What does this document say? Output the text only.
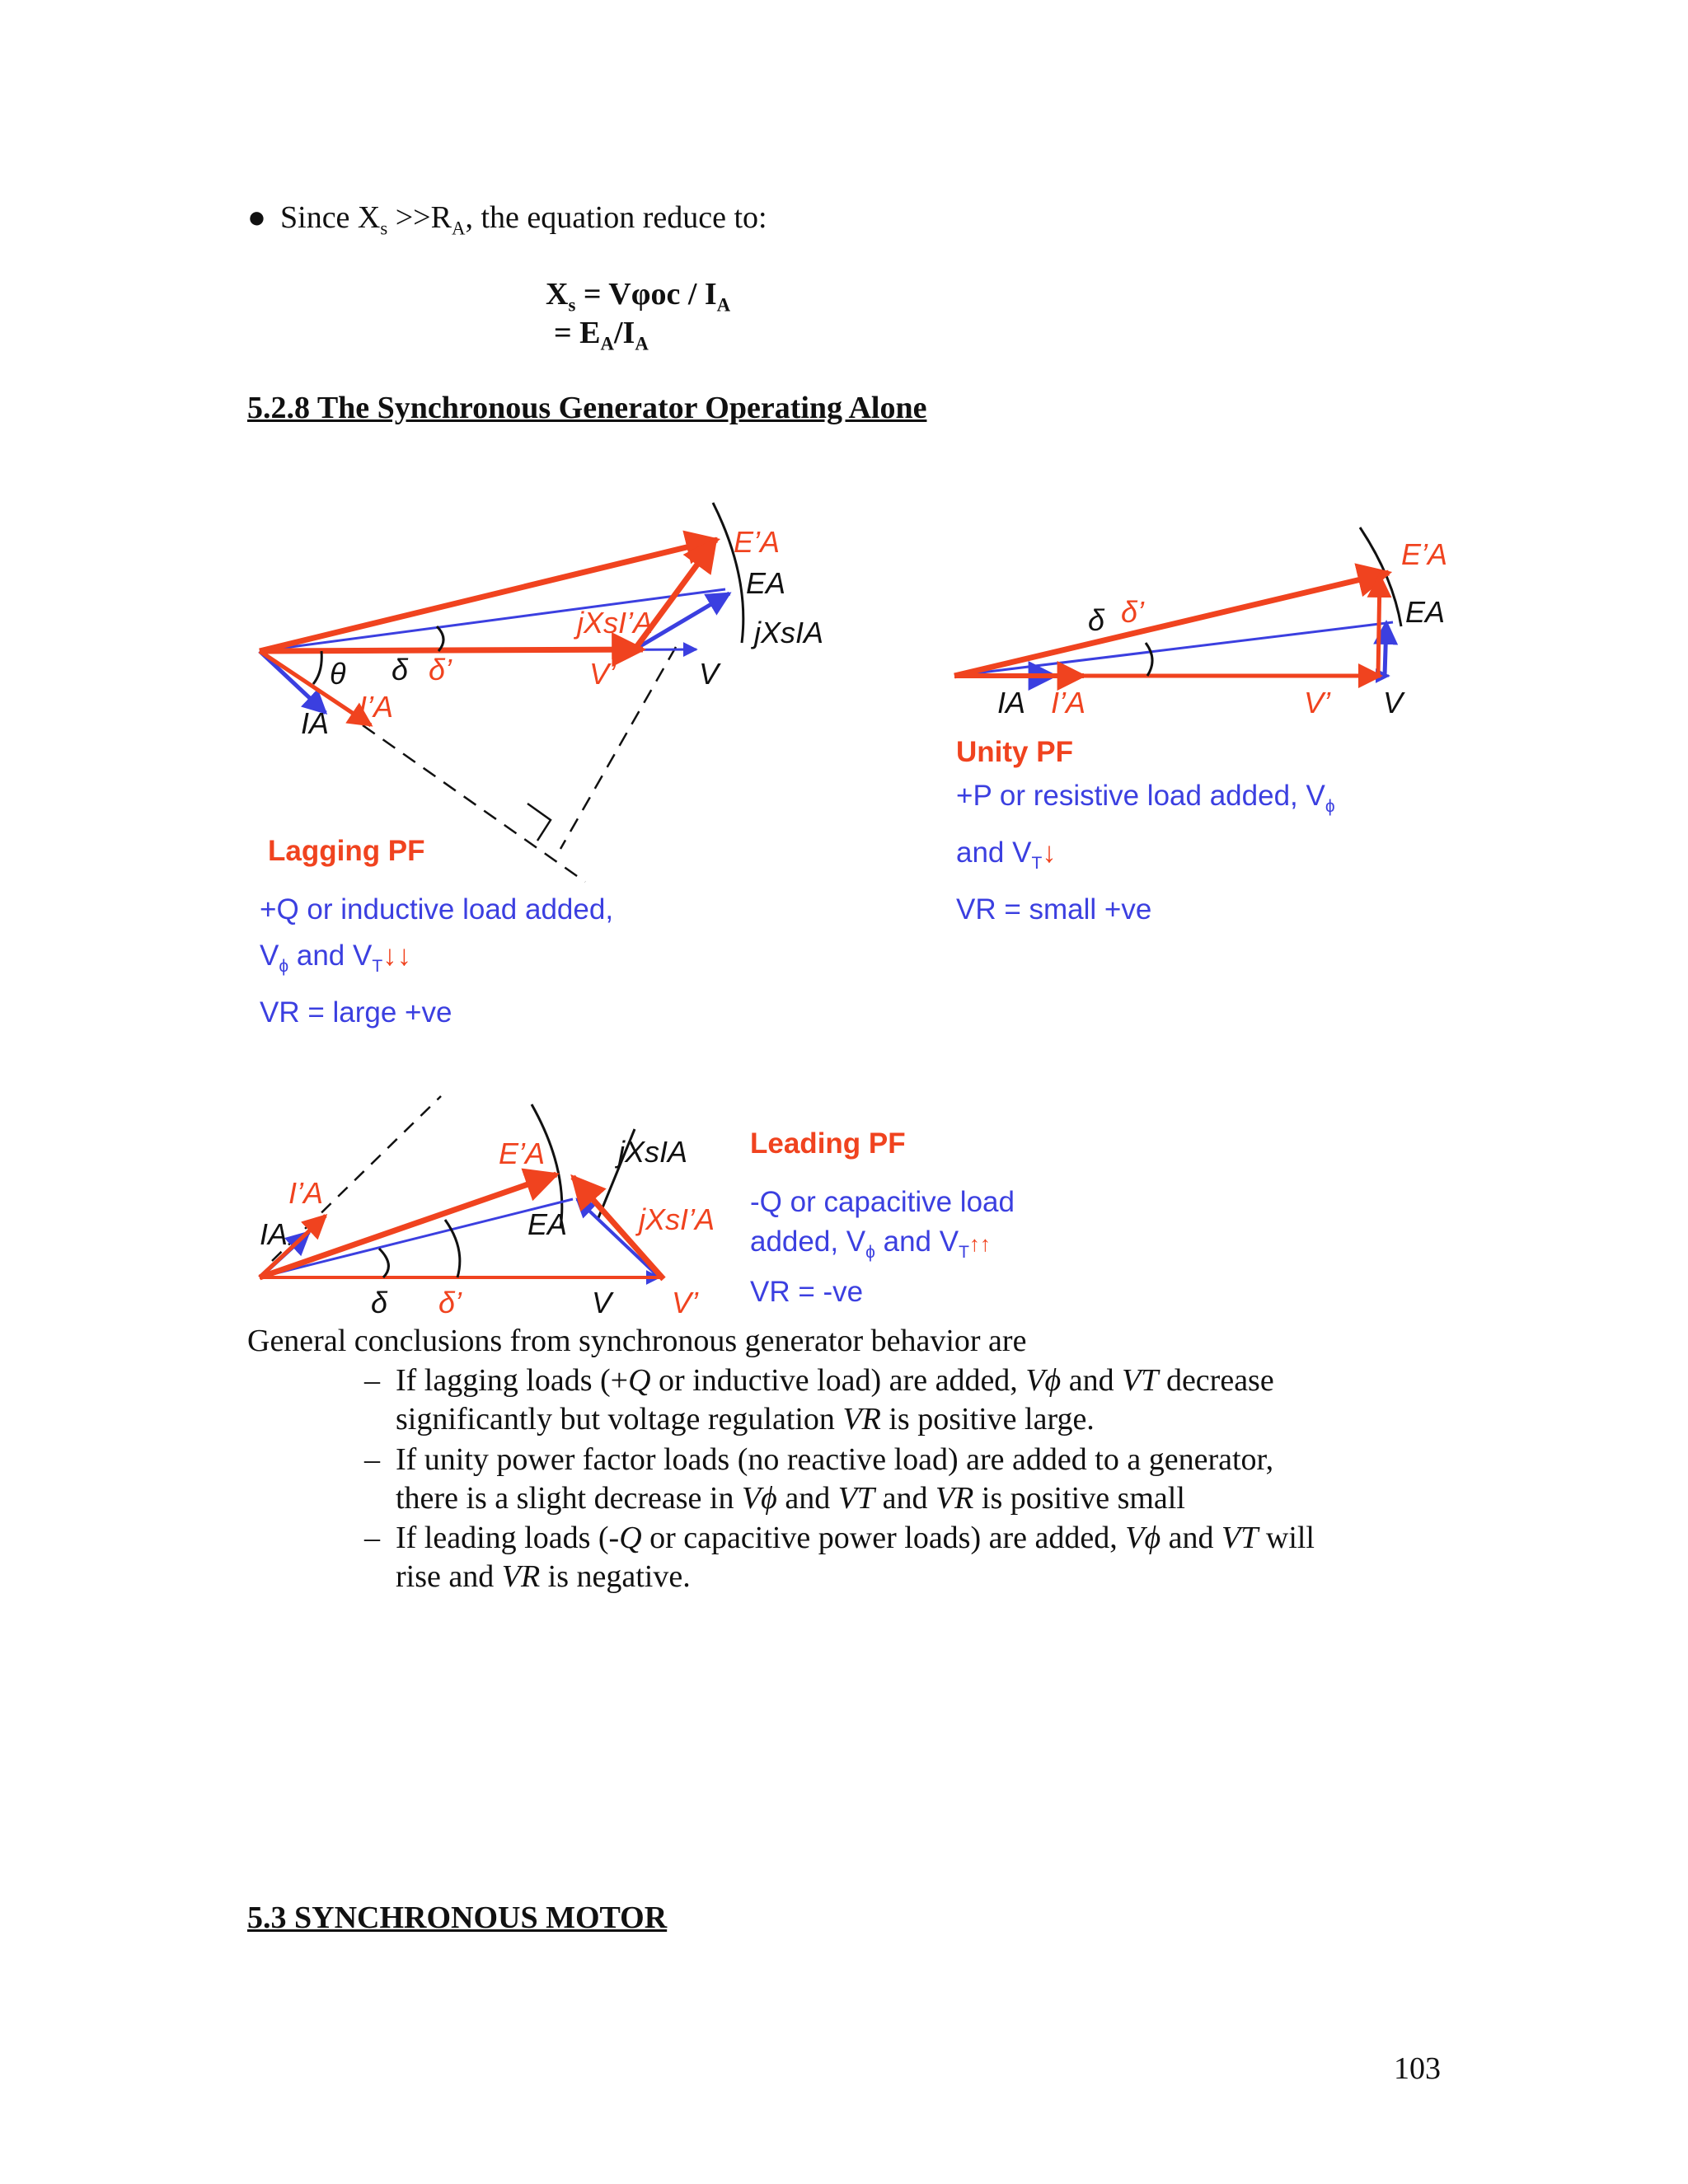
● Since $X_s >>R_A$, the equation reduce to:
$X_s = V\varphi oc / I_A$
= $E_A/I_A$
5.2.8 The Synchronous Generator Operating Alone
E’A
EA
jXsIA
jXsI’A
V’	V
θ δ δ’
IA I’A
Lagging PF
+Q or inductive load added,
$V_\phi$ and $V_T↓↓$
VR = large +ve
E’A
EA
δ δ’
IA I’A	V’ V
Unity PF
+P or resistive load added, $V_\phi$
and $V_T↓$
VR = small +ve
E’A
EA
jXsIA
jXsI’A
I’A
IA
δ δ’	V V’
Leading PF
-Q or capacitive load
added, $V_\phi$ and $V_T↑↑$
VR = -ve
General conclusions from synchronous generator behavior are
– If lagging loads (+Q or inductive load) are added, Vϕ and VT decrease
significantly but voltage regulation VR is positive large.
– If unity power factor loads (no reactive load) are added to a generator,
there is a slight decrease in Vϕ and VT and VR is positive small
– If leading loads (-Q or capacitive power loads) are added, Vϕ and VT will
rise and VR is negative.
5.3 SYNCHRONOUS MOTOR
103
